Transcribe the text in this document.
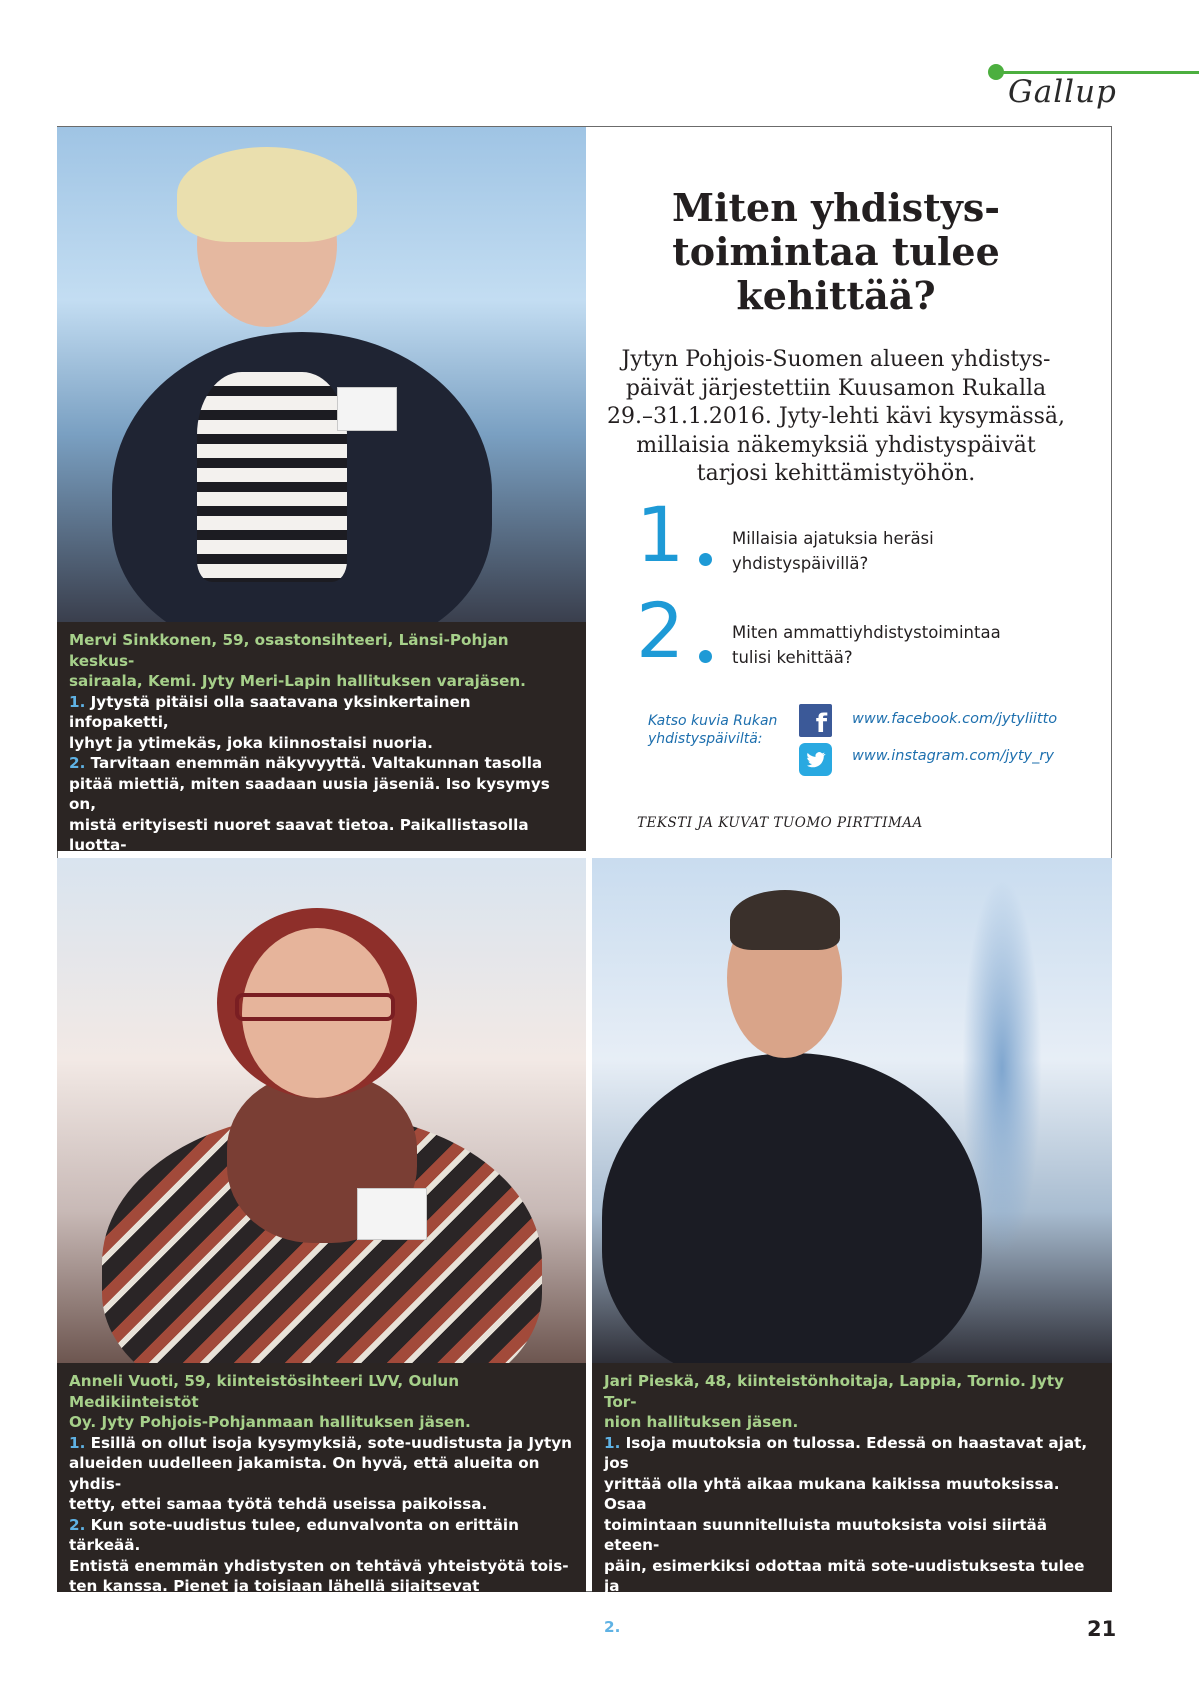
Gallup

Mervi Sinkkonen, 59, osastonsihteeri, Länsi-Pohjan keskus-
sairaala, Kemi. Jyty Meri-Lapin hallituksen varajäsen.

1. Jytystä pitäisi olla saatavana yksinkertainen infopaketti,
lyhyt ja ytimekäs, joka kiinnostaisi nuoria.

2. Tarvitaan enemmän näkyvyyttä. Valtakunnan tasolla
pitää miettiä, miten saadaan uusia jäseniä. Iso kysymys on,
mistä erityisesti nuoret saavat tietoa. Paikallistasolla luotta-

Miten yhdistys-
toimintaa tulee
kehittää?
Jytyn Pohjois-Suomen alueen yhdistys-
päivät järjestettiin Kuusamon Rukalla
29.–31.1.2016. Jyty-lehti kävi kysymässä,
millaisia näkemyksiä yhdistyspäivät
tarjosi kehittämistyöhön.
1	Millaisia ajatuksia heräsi
yhdistyspäivillä?
2	Miten ammattiyhdistystoimintaa
tulisi kehittää?
Katso kuvia Rukan
yhdistyspäiviltä:	f	www.facebook.com/jytyliitto
www.instagram.com/jyty_ry
TEKSTI JA KUVAT TUOMO PIRTTIMAA

Anneli Vuoti, 59, kiinteistösihteeri LVV, Oulun Medikiinteistöt
Oy. Jyty Pohjois-Pohjanmaan hallituksen jäsen.

1. Esillä on ollut isoja kysymyksiä, sote-uudistusta ja Jytyn
alueiden uudelleen jakamista. On hyvä, että alueita on yhdis-
tetty, ettei samaa työtä tehdä useissa paikoissa.

2. Kun sote-uudistus tulee, edunvalvonta on erittäin tärkeää.
Entistä enemmän yhdistysten on tehtävä yhteistyötä tois-
ten kanssa. Pienet ja toisiaan lähellä sijaitsevat yhdistykset
voisivat harkita yhdistymistä. Lapin pitkillä etäisyyksillä se
ei aina toimi.

Jari Pieskä, 48, kiinteistönhoitaja, Lappia, Tornio. Jyty Tor-
nion hallituksen jäsen.

1. Isoja muutoksia on tulossa. Edessä on haastavat ajat, jos
yrittää olla yhtä aikaa mukana kaikissa muutoksissa. Osaa
toimintaan suunnitelluista muutoksista voisi siirtää eteen-
päin, esimerkiksi odottaa mitä sote-uudistuksesta tulee ja
reagoida sen mukaan.

2. Jäsenmäärä vähenee, uusia jäseniä pitää pyrkiä saamaan
lisää. Kentällä on oltava aktiivisesti liikkeellä ja näyttävä
työpaikoilla nykyistä paremmin.

21
